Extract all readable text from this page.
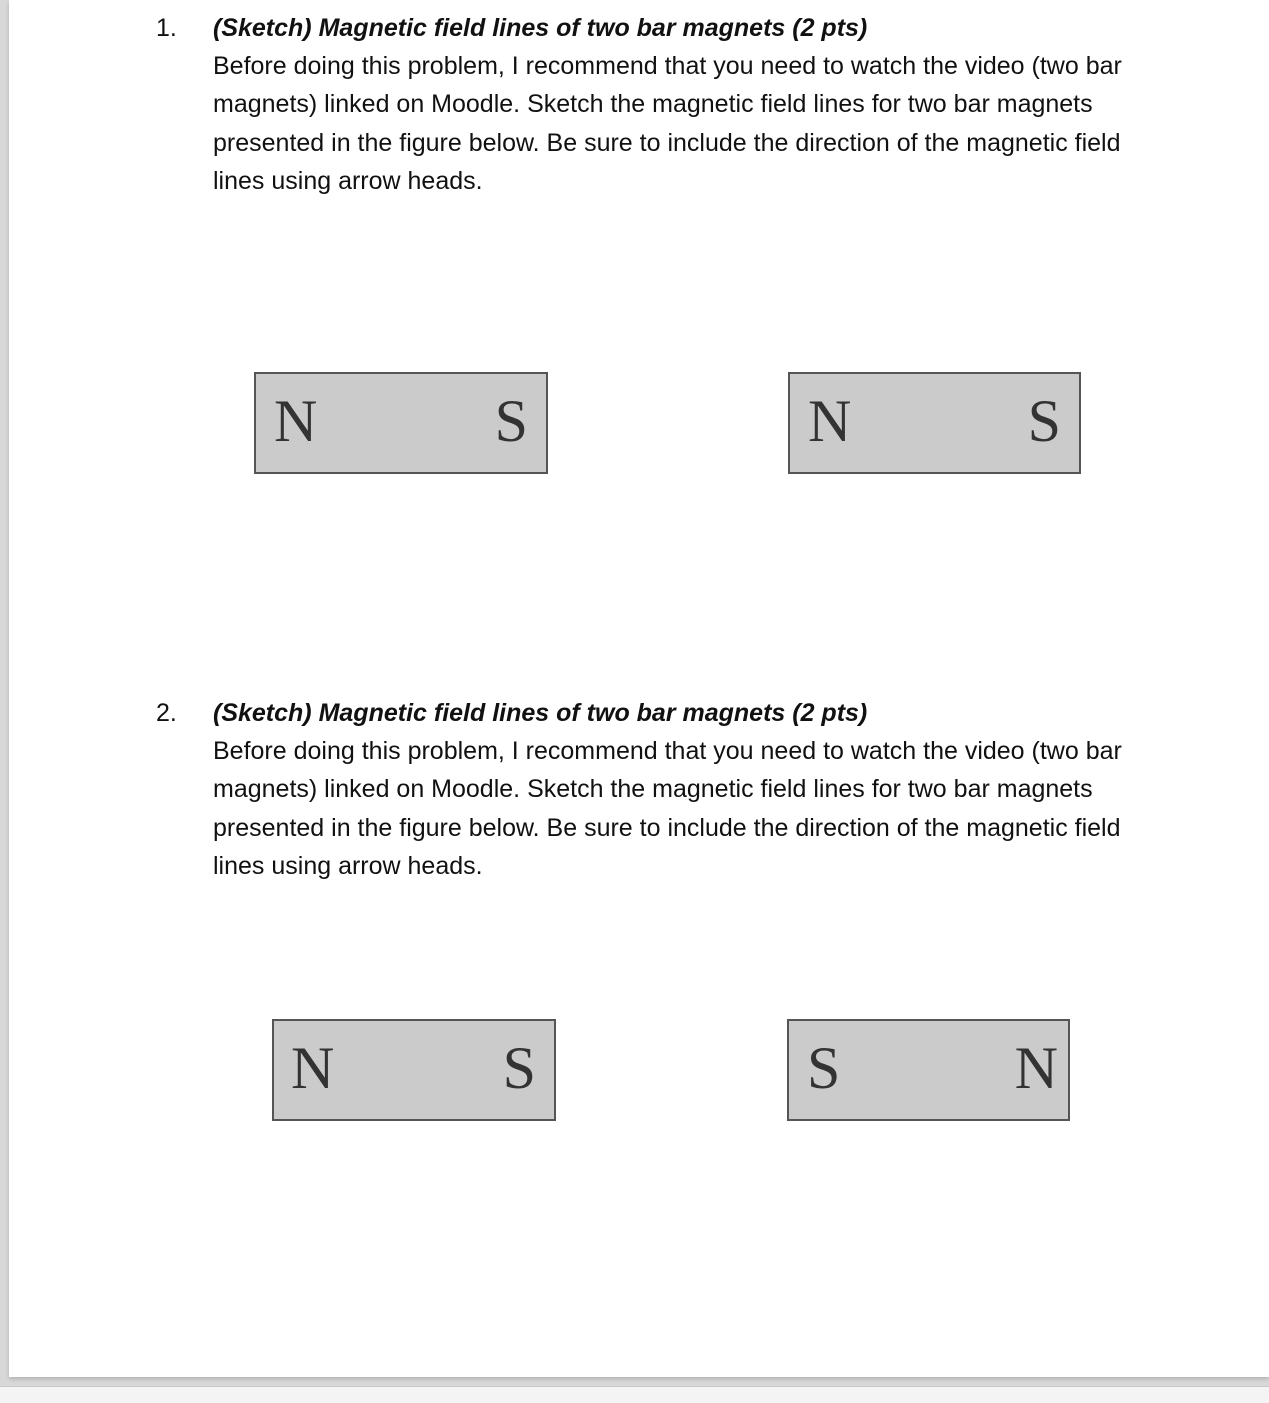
1. (Sketch) Magnetic field lines of two bar magnets (2 pts)
Before doing this problem, I recommend that you need to watch the video (two bar magnets) linked on Moodle. Sketch the magnetic field lines for two bar magnets presented in the figure below. Be sure to include the direction of the magnetic field lines using arrow heads.
N	S	N	S
2. (Sketch) Magnetic field lines of two bar magnets (2 pts)
Before doing this problem, I recommend that you need to watch the video (two bar magnets) linked on Moodle. Sketch the magnetic field lines for two bar magnets presented in the figure below. Be sure to include the direction of the magnetic field lines using arrow heads.
N	S	S	N
